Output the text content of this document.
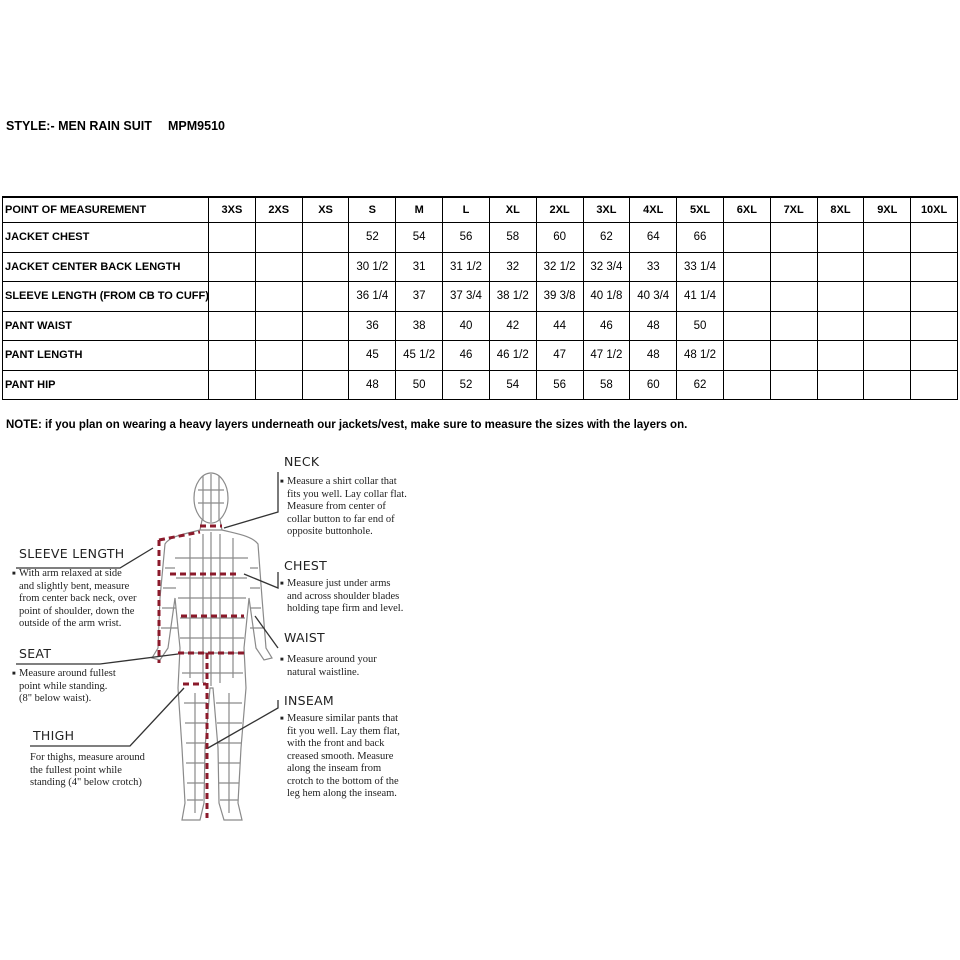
STYLE:- MEN RAIN SUIT MPM9510
POINT OF MEASUREMENT	3XS	2XS	XS	S	M	L	XL	2XL	3XL	4XL	5XL	6XL	7XL	8XL	9XL	10XL
JACKET CHEST				52	54	56	58	60	62	64	66					
JACKET CENTER BACK LENGTH				30 1/2	31	31 1/2	32	32 1/2	32 3/4	33	33 1/4					
SLEEVE LENGTH (FROM CB TO CUFF)				36 1/4	37	37 3/4	38 1/2	39 3/8	40 1/8	40 3/4	41 1/4					
PANT WAIST				36	38	40	42	44	46	48	50					
PANT LENGTH				45	45 1/2	46	46 1/2	47	47 1/2	48	48 1/2					
PANT HIP				48	50	52	54	56	58	60	62					
NOTE: if you plan on wearing a heavy layers underneath our jackets/vest, make sure to measure the sizes with the layers on.
NECK
■ Measure a shirt collar that
fits you well. Lay collar flat.
Measure from center of
collar button to far end of
opposite buttonhole.
CHEST
■ Measure just under arms
and across shoulder blades
holding tape firm and level.
WAIST
■ Measure around your
natural waistline.
INSEAM
■ Measure similar pants that
fit you well. Lay them flat,
with the front and back
creased smooth. Measure
along the inseam from
crotch to the bottom of the
leg hem along the inseam.
SLEEVE LENGTH
■ With arm relaxed at side
and slightly bent, measure
from center back neck, over
point of shoulder, down the
outside of the arm wrist.
SEAT
■ Measure around fullest
point while standing.
(8" below waist).
THIGH
For thighs, measure around
the fullest point while
standing (4" below crotch)
